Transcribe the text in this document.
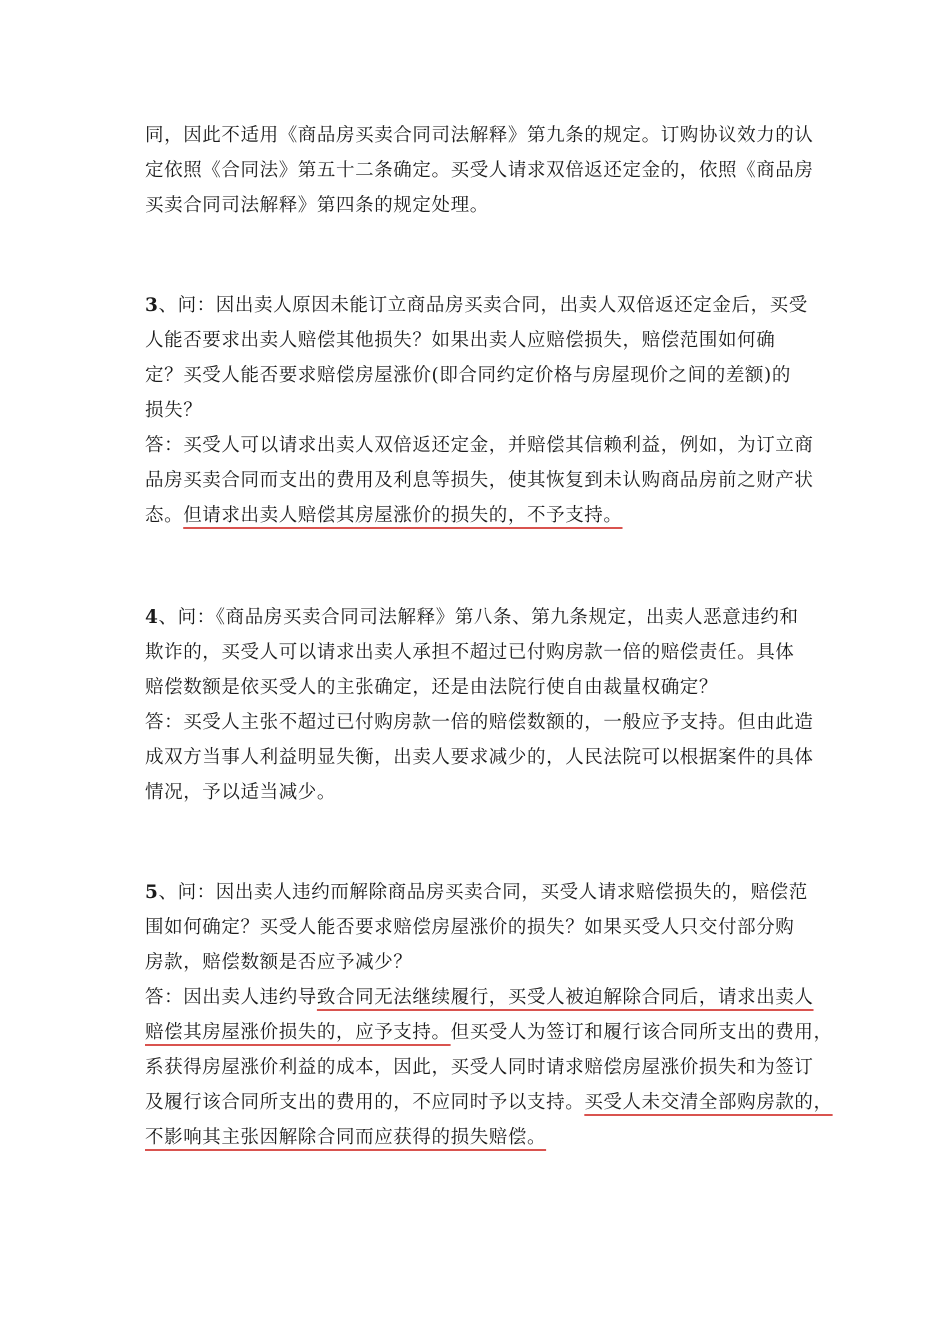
同，因此不适用《商品房买卖合同司法解释》第九条的规定。订购协议效力的认
定依照《合同法》第五十二条确定。买受人请求双倍返还定金的，依照《商品房
买卖合同司法解释》第四条的规定处理。
3、问：因出卖人原因未能订立商品房买卖合同，出卖人双倍返还定金后，买受
人能否要求出卖人赔偿其他损失？如果出卖人应赔偿损失，赔偿范围如何确
定？买受人能否要求赔偿房屋涨价(即合同约定价格与房屋现价之间的差额)的
损失？
答：买受人可以请求出卖人双倍返还定金，并赔偿其信赖利益，例如，为订立商
品房买卖合同而支出的费用及利息等损失，使其恢复到未认购商品房前之财产状
态。但请求出卖人赔偿其房屋涨价的损失的，不予支持。
4、问：《商品房买卖合同司法解释》第八条、第九条规定，出卖人恶意违约和
欺诈的，买受人可以请求出卖人承担不超过已付购房款一倍的赔偿责任。具体
赔偿数额是依买受人的主张确定，还是由法院行使自由裁量权确定？
答：买受人主张不超过已付购房款一倍的赔偿数额的，一般应予支持。但由此造
成双方当事人利益明显失衡，出卖人要求减少的，人民法院可以根据案件的具体
情况，予以适当减少。
5、问：因出卖人违约而解除商品房买卖合同，买受人请求赔偿损失的，赔偿范
围如何确定？买受人能否要求赔偿房屋涨价的损失？如果买受人只交付部分购
房款，赔偿数额是否应予减少？
答：因出卖人违约导致合同无法继续履行，买受人被迫解除合同后，请求出卖人
赔偿其房屋涨价损失的，应予支持。但买受人为签订和履行该合同所支出的费用，
系获得房屋涨价利益的成本，因此，买受人同时请求赔偿房屋涨价损失和为签订
及履行该合同所支出的费用的，不应同时予以支持。买受人未交清全部购房款的，
不影响其主张因解除合同而应获得的损失赔偿。
